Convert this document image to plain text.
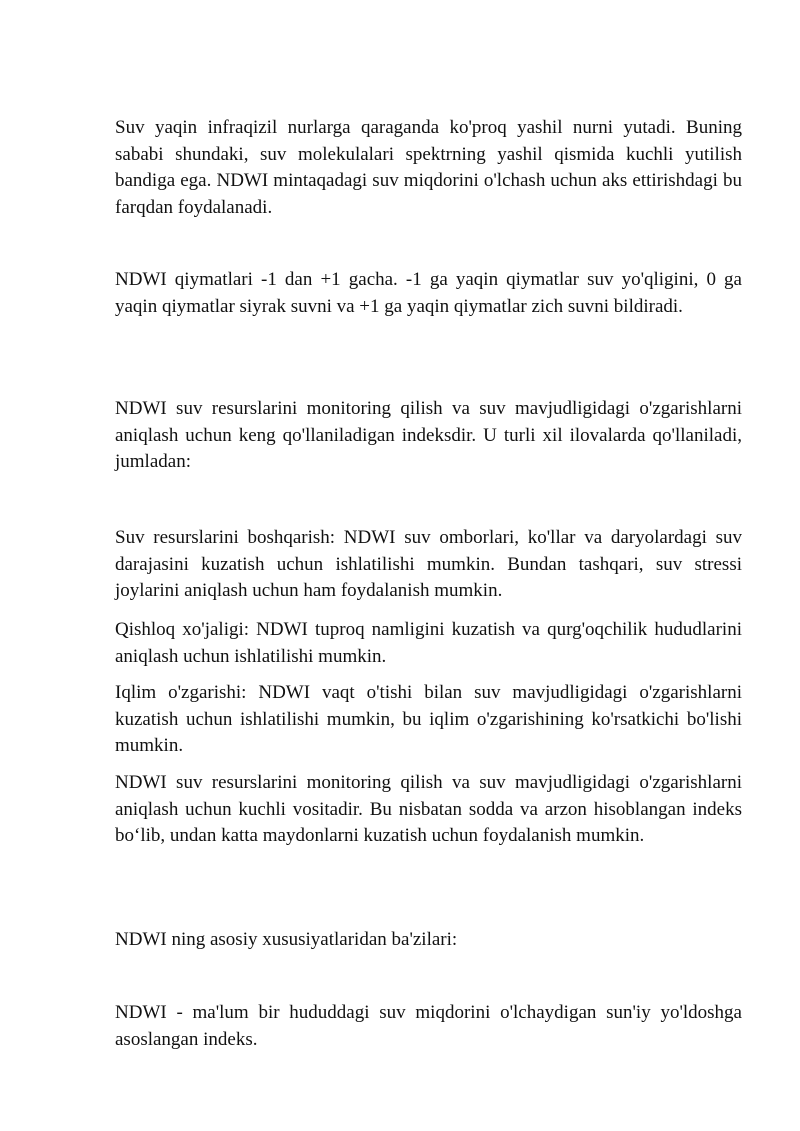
Suv yaqin infraqizil nurlarga qaraganda ko'proq yashil nurni yutadi. Buning sababi shundaki, suv molekulalari spektrning yashil qismida kuchli yutilish bandiga ega. NDWI mintaqadagi suv miqdorini o'lchash uchun aks ettirishdagi bu farqdan foydalanadi.

NDWI qiymatlari -1 dan +1 gacha. -1 ga yaqin qiymatlar suv yo'qligini, 0 ga yaqin qiymatlar siyrak suvni va +1 ga yaqin qiymatlar zich suvni bildiradi.

NDWI suv resurslarini monitoring qilish va suv mavjudligidagi o'zgarishlarni aniqlash uchun keng qo'llaniladigan indeksdir. U turli xil ilovalarda qo'llaniladi, jumladan:

Suv resurslarini boshqarish: NDWI suv omborlari, ko'llar va daryolardagi suv darajasini kuzatish uchun ishlatilishi mumkin. Bundan tashqari, suv stressi joylarini aniqlash uchun ham foydalanish mumkin.

Qishloq xo'jaligi: NDWI tuproq namligini kuzatish va qurg'oqchilik hududlarini aniqlash uchun ishlatilishi mumkin.

Iqlim o'zgarishi: NDWI vaqt o'tishi bilan suv mavjudligidagi o'zgarishlarni kuzatish uchun ishlatilishi mumkin, bu iqlim o'zgarishining ko'rsatkichi bo'lishi mumkin.

NDWI suv resurslarini monitoring qilish va suv mavjudligidagi o'zgarishlarni aniqlash uchun kuchli vositadir. Bu nisbatan sodda va arzon hisoblangan indeks bo‘lib, undan katta maydonlarni kuzatish uchun foydalanish mumkin.

NDWI ning asosiy xususiyatlaridan ba'zilari:

NDWI - ma'lum bir hududdagi suv miqdorini o'lchaydigan sun'iy yo'ldoshga asoslangan indeks.
